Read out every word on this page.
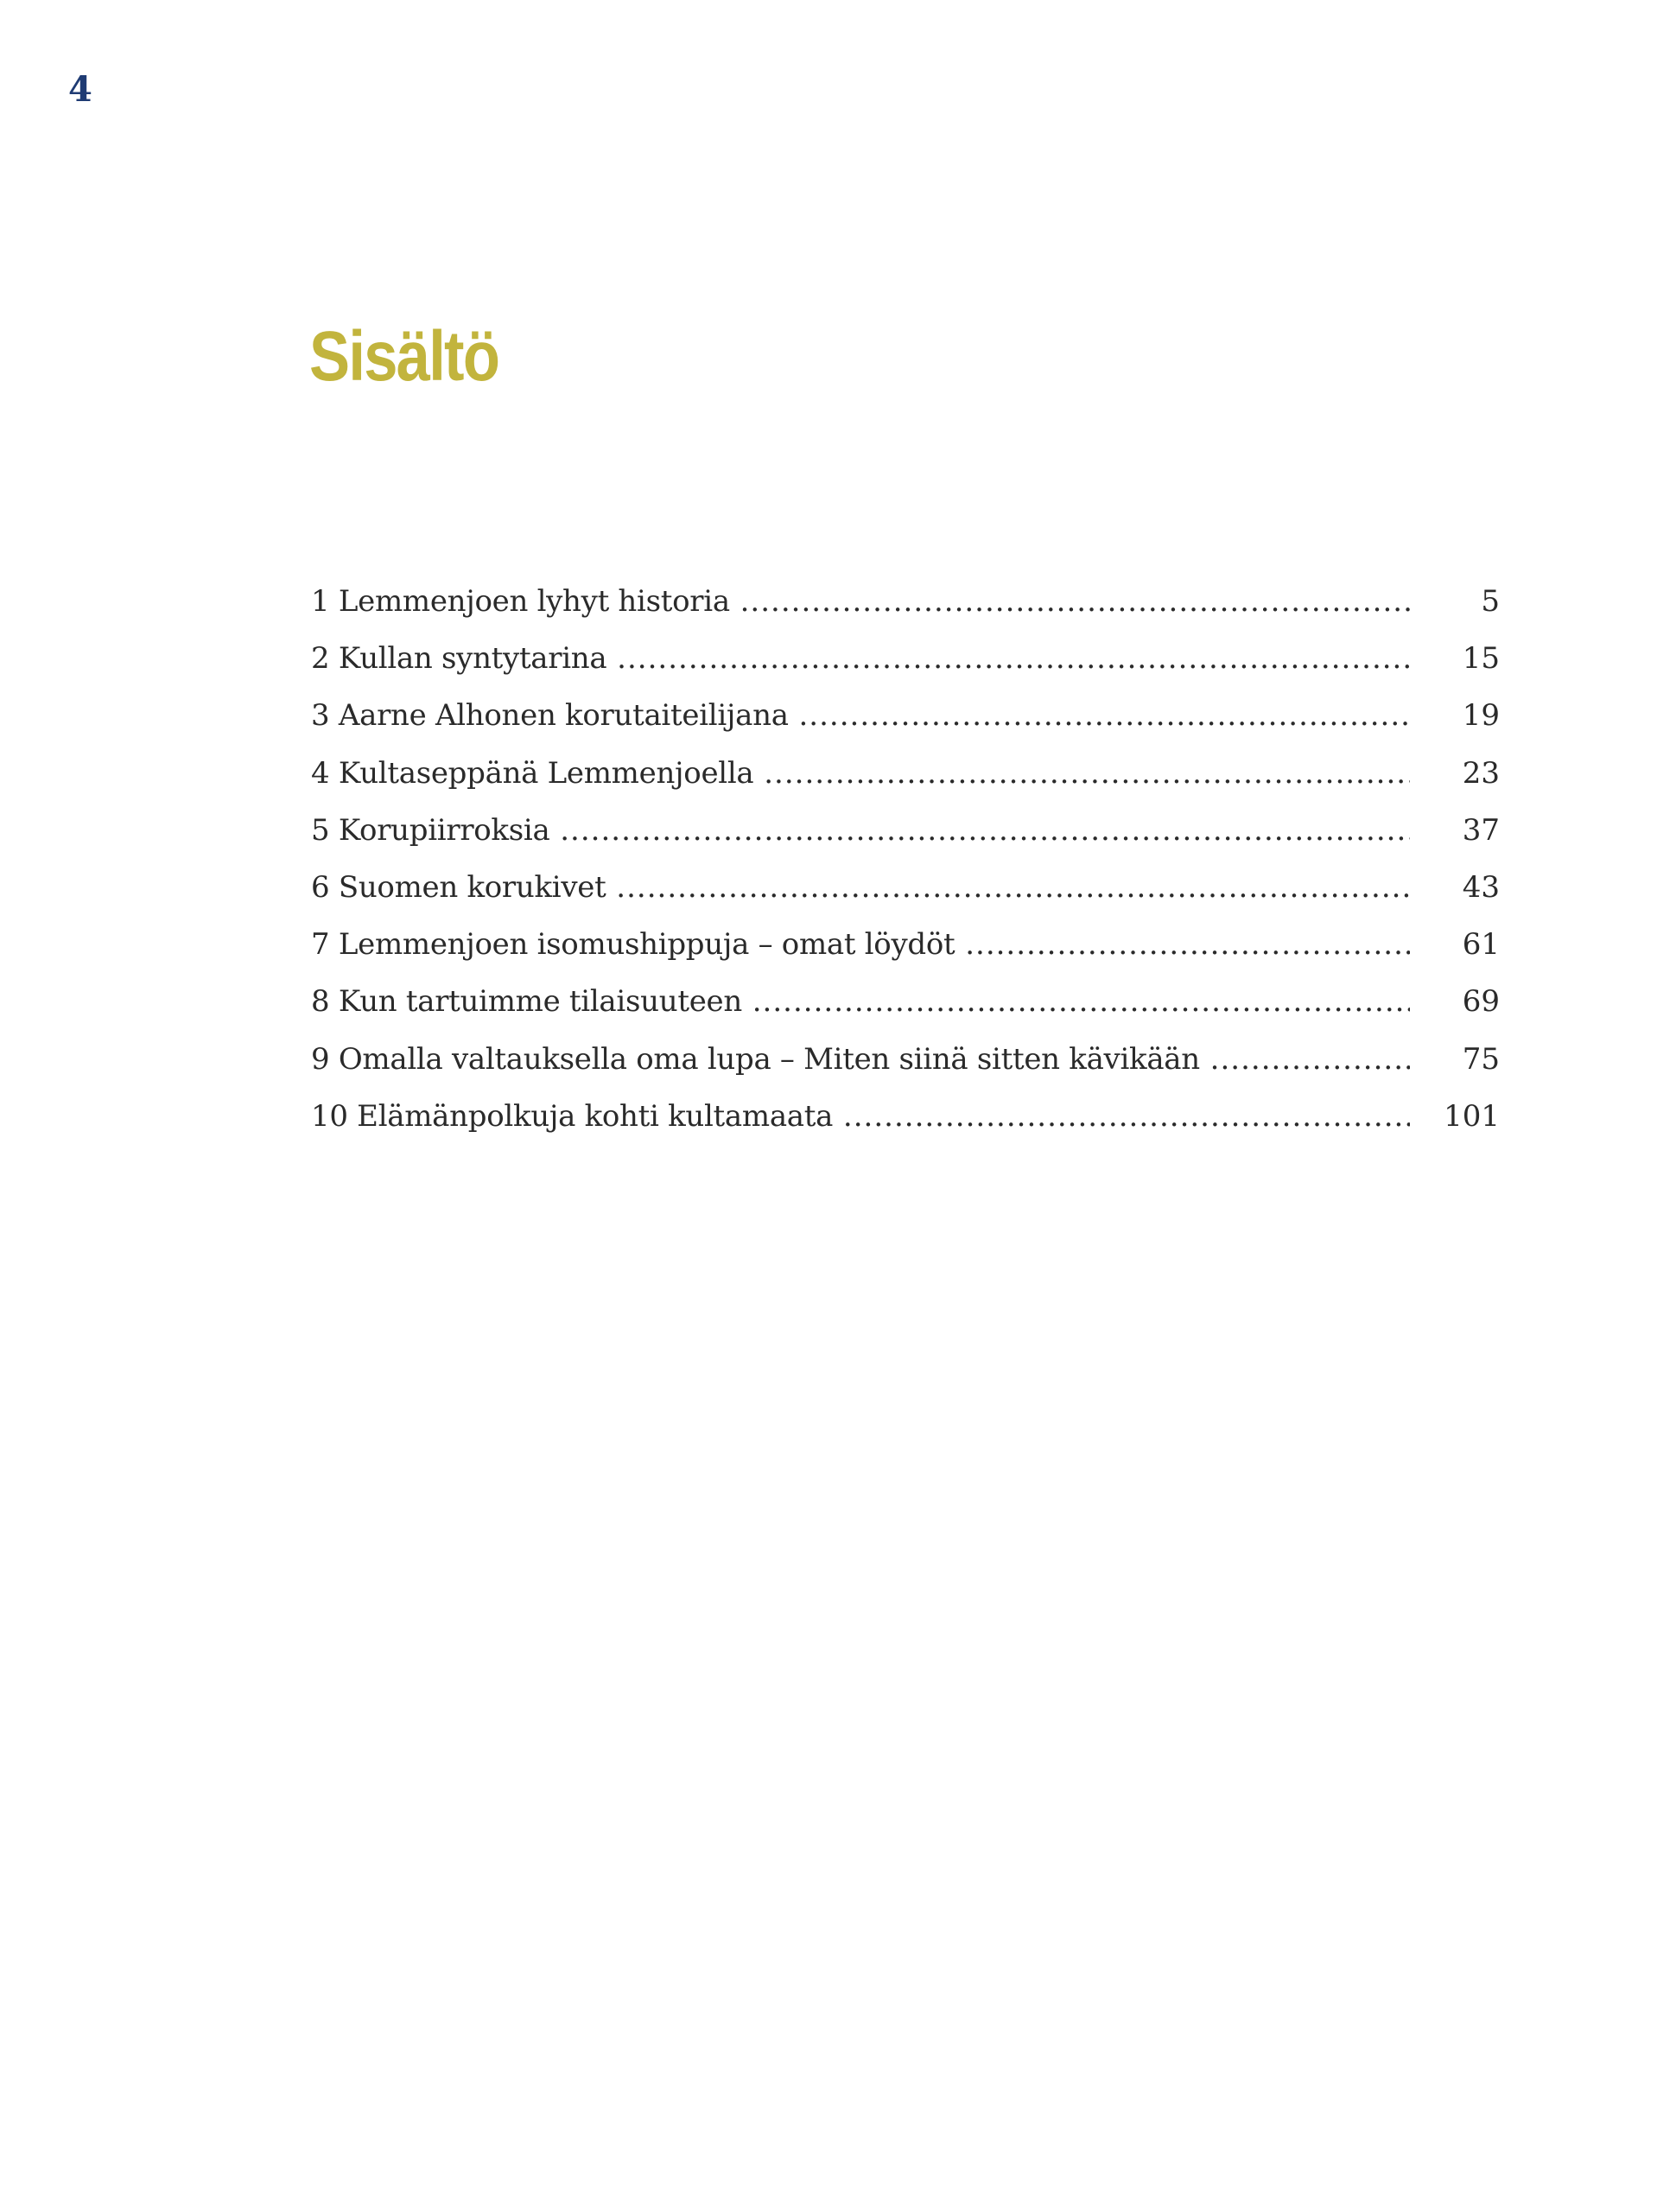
4
Sisältö
1 Lemmenjoen lyhyt historia .....	5
2 Kullan syntytarina .....	15
3 Aarne Alhonen korutaiteilijana .....	19
4 Kultaseppänä Lemmenjoella .....	23
5 Korupiirroksia .....	37
6 Suomen korukivet .....	43
7 Lemmenjoen isomushippuja – omat löydöt .....	61
8 Kun tartuimme tilaisuuteen .....	69
9 Omalla valtauksella oma lupa – Miten siinä sitten kävikään .....	75
10 Elämänpolkuja kohti kultamaata .....	101
